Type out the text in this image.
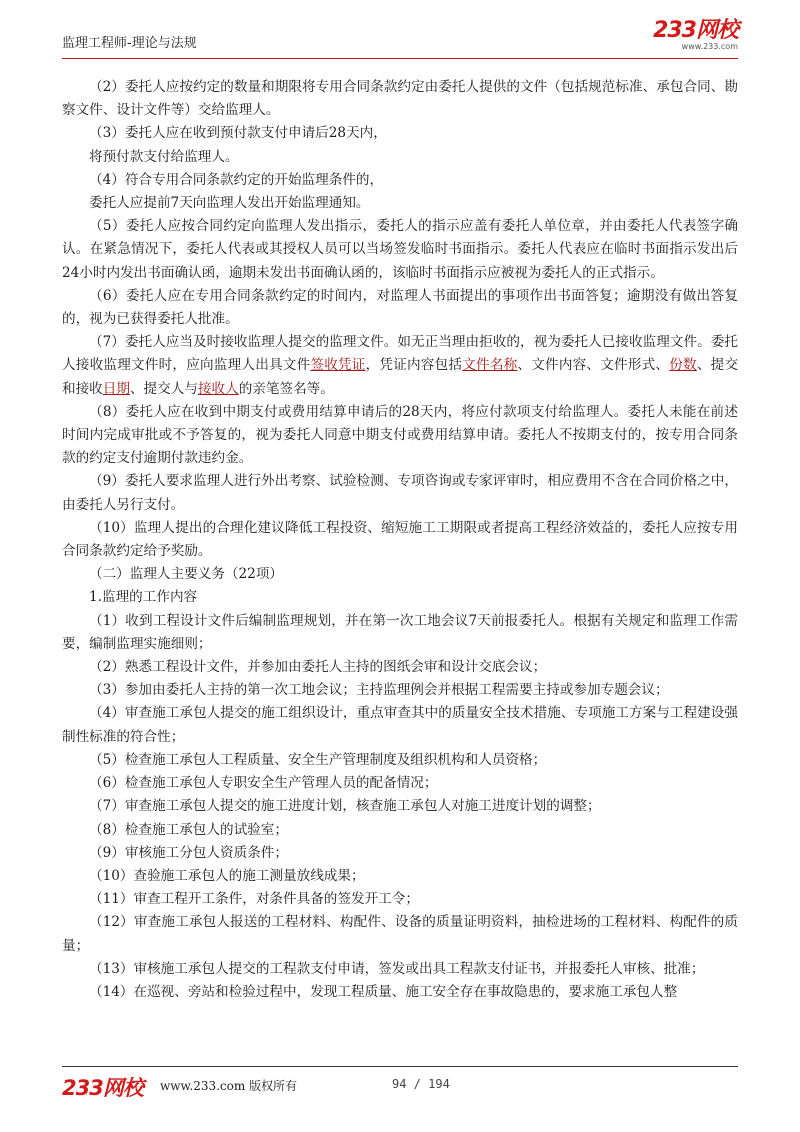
监理工程师-理论与法规
233网校
www.233.com

（2）委托人应按约定的数量和期限将专用合同条款约定由委托人提供的文件（包括规范标准、承包合同、勘察文件、设计文件等）交给监理人。

（3）委托人应在收到预付款支付申请后28天内，

将预付款支付给监理人。

（4）符合专用合同条款约定的开始监理条件的，

委托人应提前7天向监理人发出开始监理通知。

（5）委托人应按合同约定向监理人发出指示，委托人的指示应盖有委托人单位章，并由委托人代表签字确认。在紧急情况下，委托人代表或其授权人员可以当场签发临时书面指示。委托人代表应在临时书面指示发出后24小时内发出书面确认函，逾期未发出书面确认函的，该临时书面指示应被视为委托人的正式指示。

（6）委托人应在专用合同条款约定的时间内，对监理人书面提出的事项作出书面答复；逾期没有做出答复的，视为已获得委托人批准。

（7）委托人应当及时接收监理人提交的监理文件。如无正当理由拒收的，视为委托人已接收监理文件。委托人接收监理文件时，应向监理人出具文件签收凭证，凭证内容包括文件名称、文件内容、文件形式、份数、提交和接收日期、提交人与接收人的亲笔签名等。

（8）委托人应在收到中期支付或费用结算申请后的28天内，将应付款项支付给监理人。委托人未能在前述时间内完成审批或不予答复的，视为委托人同意中期支付或费用结算申请。委托人不按期支付的，按专用合同条款的约定支付逾期付款违约金。

（9）委托人要求监理人进行外出考察、试验检测、专项咨询或专家评审时，相应费用不含在合同价格之中，由委托人另行支付。

（10）监理人提出的合理化建议降低工程投资、缩短施工工期限或者提高工程经济效益的，委托人应按专用合同条款约定给予奖励。

（二）监理人主要义务（22项）

1.监理的工作内容

（1）收到工程设计文件后编制监理规划，并在第一次工地会议7天前报委托人。根据有关规定和监理工作需要，编制监理实施细则；

（2）熟悉工程设计文件，并参加由委托人主持的图纸会审和设计交底会议；

（3）参加由委托人主持的第一次工地会议；主持监理例会并根据工程需要主持或参加专题会议；

（4）审查施工承包人提交的施工组织设计，重点审查其中的质量安全技术措施、专项施工方案与工程建设强制性标准的符合性；

（5）检查施工承包人工程质量、安全生产管理制度及组织机构和人员资格；

（6）检查施工承包人专职安全生产管理人员的配备情况；

（7）审查施工承包人提交的施工进度计划，核查施工承包人对施工进度计划的调整；

（8）检查施工承包人的试验室；

（9）审核施工分包人资质条件；

（10）查验施工承包人的施工测量放线成果；

（11）审查工程开工条件，对条件具备的签发开工令；

（12）审查施工承包人报送的工程材料、构配件、设备的质量证明资料，抽检进场的工程材料、构配件的质量；

（13）审核施工承包人提交的工程款支付申请，签发或出具工程款支付证书，并报委托人审核、批准；

（14）在巡视、旁站和检验过程中，发现工程质量、施工安全存在事故隐患的，要求施工承包人整

233网校 www.233.com 版权所有	94 / 194
